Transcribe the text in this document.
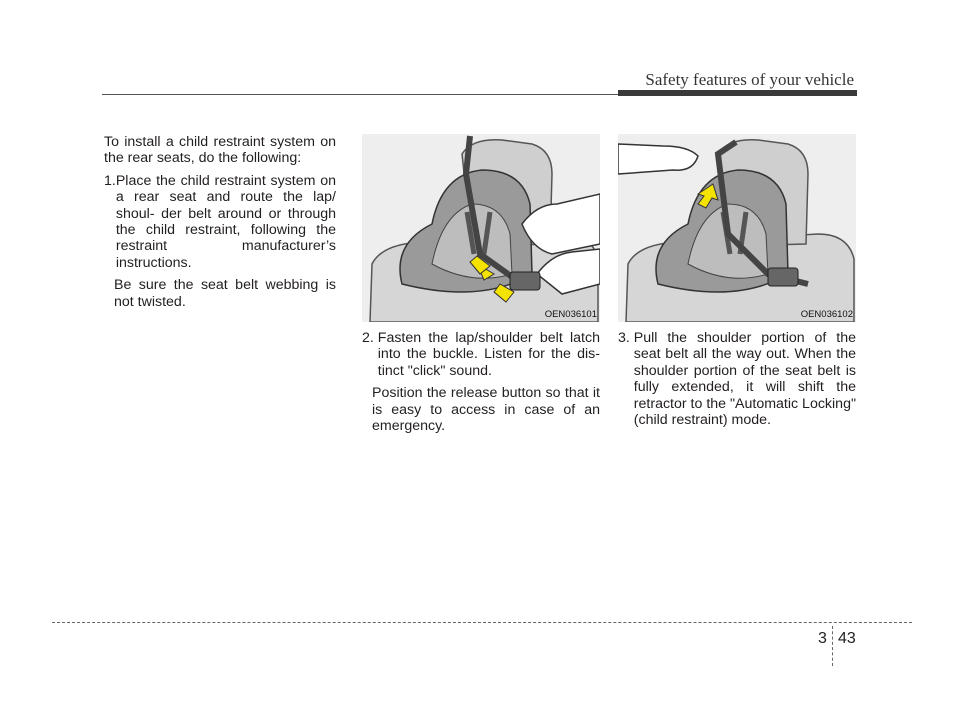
Safety features of your vehicle

To install a child restraint system on the rear seats, do the following:

1. Place the child restraint system on a rear seat and route the lap/ shoul- der belt around or through the child restraint, following the restraint manufacturer’s instructions.

Be sure the seat belt webbing is not twisted.

OEN036101	OEN036102
2. Fasten the lap/shoulder belt latch into the buckle. Listen for the dis- tinct "click" sound.

Position the release button so that it is easy to access in case of an emergency.

3. Pull the shoulder portion of the seat belt all the way out. When the shoulder portion of the seat belt is fully extended, it will shift the retractor to the "Automatic Locking" (child restraint) mode.

3 43
